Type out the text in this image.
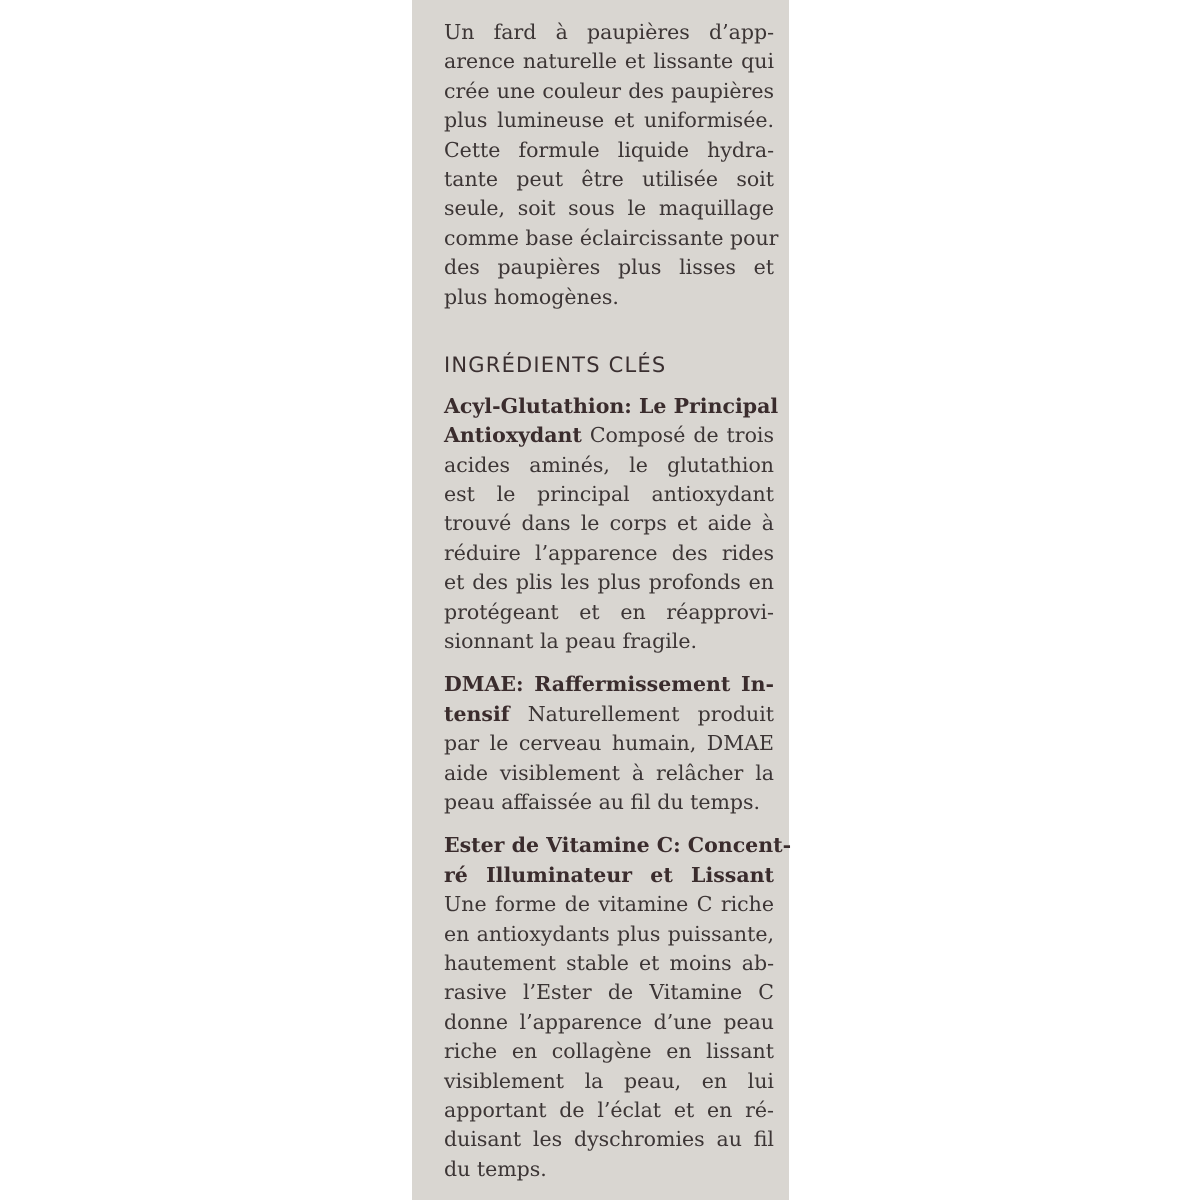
Un fard à paupières d’app-
arence naturelle et lissante qui
crée une couleur des paupières
plus lumineuse et uniformisée.
Cette formule liquide hydra-
tante peut être utilisée soit
seule, soit sous le maquillage
comme base éclaircissante pour
des paupières plus lisses et
plus homogènes.
INGRÉDIENTS CLÉS
Acyl-Glutathion: Le Principal
Antioxydant Composé de trois
acides aminés, le glutathion
est le principal antioxydant
trouvé dans le corps et aide à
réduire l’apparence des rides
et des plis les plus profonds en
protégeant et en réapprovi-
sionnant la peau fragile.
DMAE: Raffermissement In-
tensif Naturellement produit
par le cerveau humain, DMAE
aide visiblement à relâcher la
peau affaissée au fil du temps.
Ester de Vitamine C: Concent-
ré Illuminateur et Lissant
Une forme de vitamine C riche
en antioxydants plus puissante,
hautement stable et moins ab-
rasive l’Ester de Vitamine C
donne l’apparence d’une peau
riche en collagène en lissant
visiblement la peau, en lui
apportant de l’éclat et en ré-
duisant les dyschromies au fil
du temps.
